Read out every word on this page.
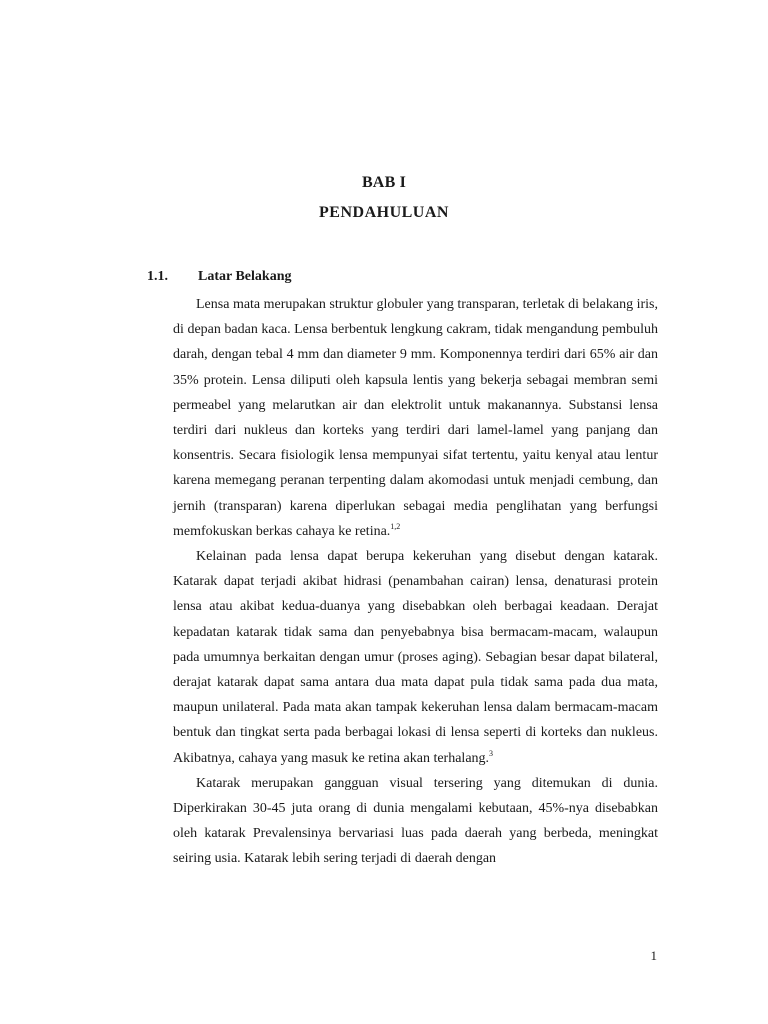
BAB I
PENDAHULUAN
1.1. Latar Belakang

Lensa mata merupakan struktur globuler yang transparan, terletak di belakang iris, di depan badan kaca. Lensa berbentuk lengkung cakram, tidak mengandung pembuluh darah, dengan tebal 4 mm dan diameter 9 mm. Komponennya terdiri dari 65% air dan 35% protein. Lensa diliputi oleh kapsula lentis yang bekerja sebagai membran semi permeabel yang melarutkan air dan elektrolit untuk makanannya. Substansi lensa terdiri dari nukleus dan korteks yang terdiri dari lamel-lamel yang panjang dan konsentris. Secara fisiologik lensa mempunyai sifat tertentu, yaitu kenyal atau lentur karena memegang peranan terpenting dalam akomodasi untuk menjadi cembung, dan jernih (transparan) karena diperlukan sebagai media penglihatan yang berfungsi memfokuskan berkas cahaya ke retina.$^{1,2}$

Kelainan pada lensa dapat berupa kekeruhan yang disebut dengan katarak. Katarak dapat terjadi akibat hidrasi (penambahan cairan) lensa, denaturasi protein lensa atau akibat kedua-duanya yang disebabkan oleh berbagai keadaan. Derajat kepadatan katarak tidak sama dan penyebabnya bisa bermacam-macam, walaupun pada umumnya berkaitan dengan umur (proses aging). Sebagian besar dapat bilateral, derajat katarak dapat sama antara dua mata dapat pula tidak sama pada dua mata, maupun unilateral. Pada mata akan tampak kekeruhan lensa dalam bermacam-macam bentuk dan tingkat serta pada berbagai lokasi di lensa seperti di korteks dan nukleus. Akibatnya, cahaya yang masuk ke retina akan terhalang.$^3$

Katarak merupakan gangguan visual tersering yang ditemukan di dunia. Diperkirakan 30-45 juta orang di dunia mengalami kebutaan, 45%-nya disebabkan oleh katarak Prevalensinya bervariasi luas pada daerah yang berbeda, meningkat seiring usia. Katarak lebih sering terjadi di daerah dengan

1
